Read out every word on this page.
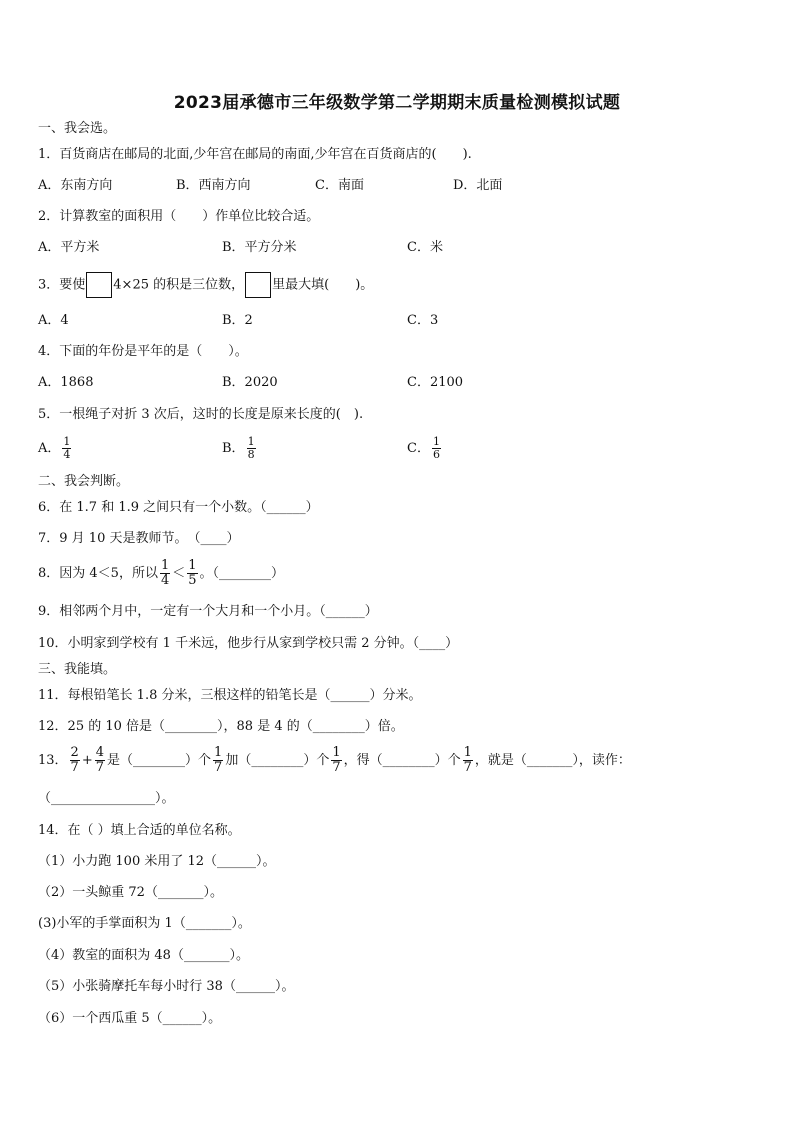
2023届承德市三年级数学第二学期期末质量检测模拟试题
一、我会选。
1．百货商店在邮局的北面,少年宫在邮局的南面,少年宫在百货商店的(　　).
A．东南方向	B．西南方向	C．南面	D．北面
2．计算教室的面积用（　　）作单位比较合适。
A．平方米	B．平方分米	C．米
3．要使 4×25 的积是三位数， 里最大填(　　)。
A．4	B．2	C．3
4．下面的年份是平年的是（　　）。
A．1868	B．2020	C．2100
5．一根绳子对折 3 次后，这时的长度是原来长度的(　).
A． $\frac{1}{4}$	B． $\frac{1}{8}$	C． $\frac{1}{6}$
二、我会判断。
6．在 1.7 和 1.9 之间只有一个小数。（______）
7．9 月 10 天是教师节。　（____）
8．因为 4＜5，所以 $\frac{1}{4} < \frac{1}{5}$ 。（________）
9．相邻两个月中，一定有一个大月和一个小月。（______）
10．小明家到学校有 1 千米远，他步行从家到学校只需 2 分钟。（____）
三、我能填。
11．每根铅笔长 1.8 分米，三根这样的铅笔长是（______）分米。
12．25 的 10 倍是（________），88 是 4 的（________）倍。
13． $\frac{2}{7} + \frac{4}{7}$ 是（________）个 $\frac{1}{7}$ 加（________）个 $\frac{1}{7}$ ，得（________）个 $\frac{1}{7}$ ，就是（_______），读作：
（________________）。
14．在（ ）填上合适的单位名称。
（1）小力跑 100 米用了 12（______）。
（2）一头鲸重 72（_______）。
(3)小军的手掌面积为 1（_______）。
（4）教室的面积为 48（_______）。
（5）小张骑摩托车每小时行 38（______）。
（6）一个西瓜重 5（______）。
